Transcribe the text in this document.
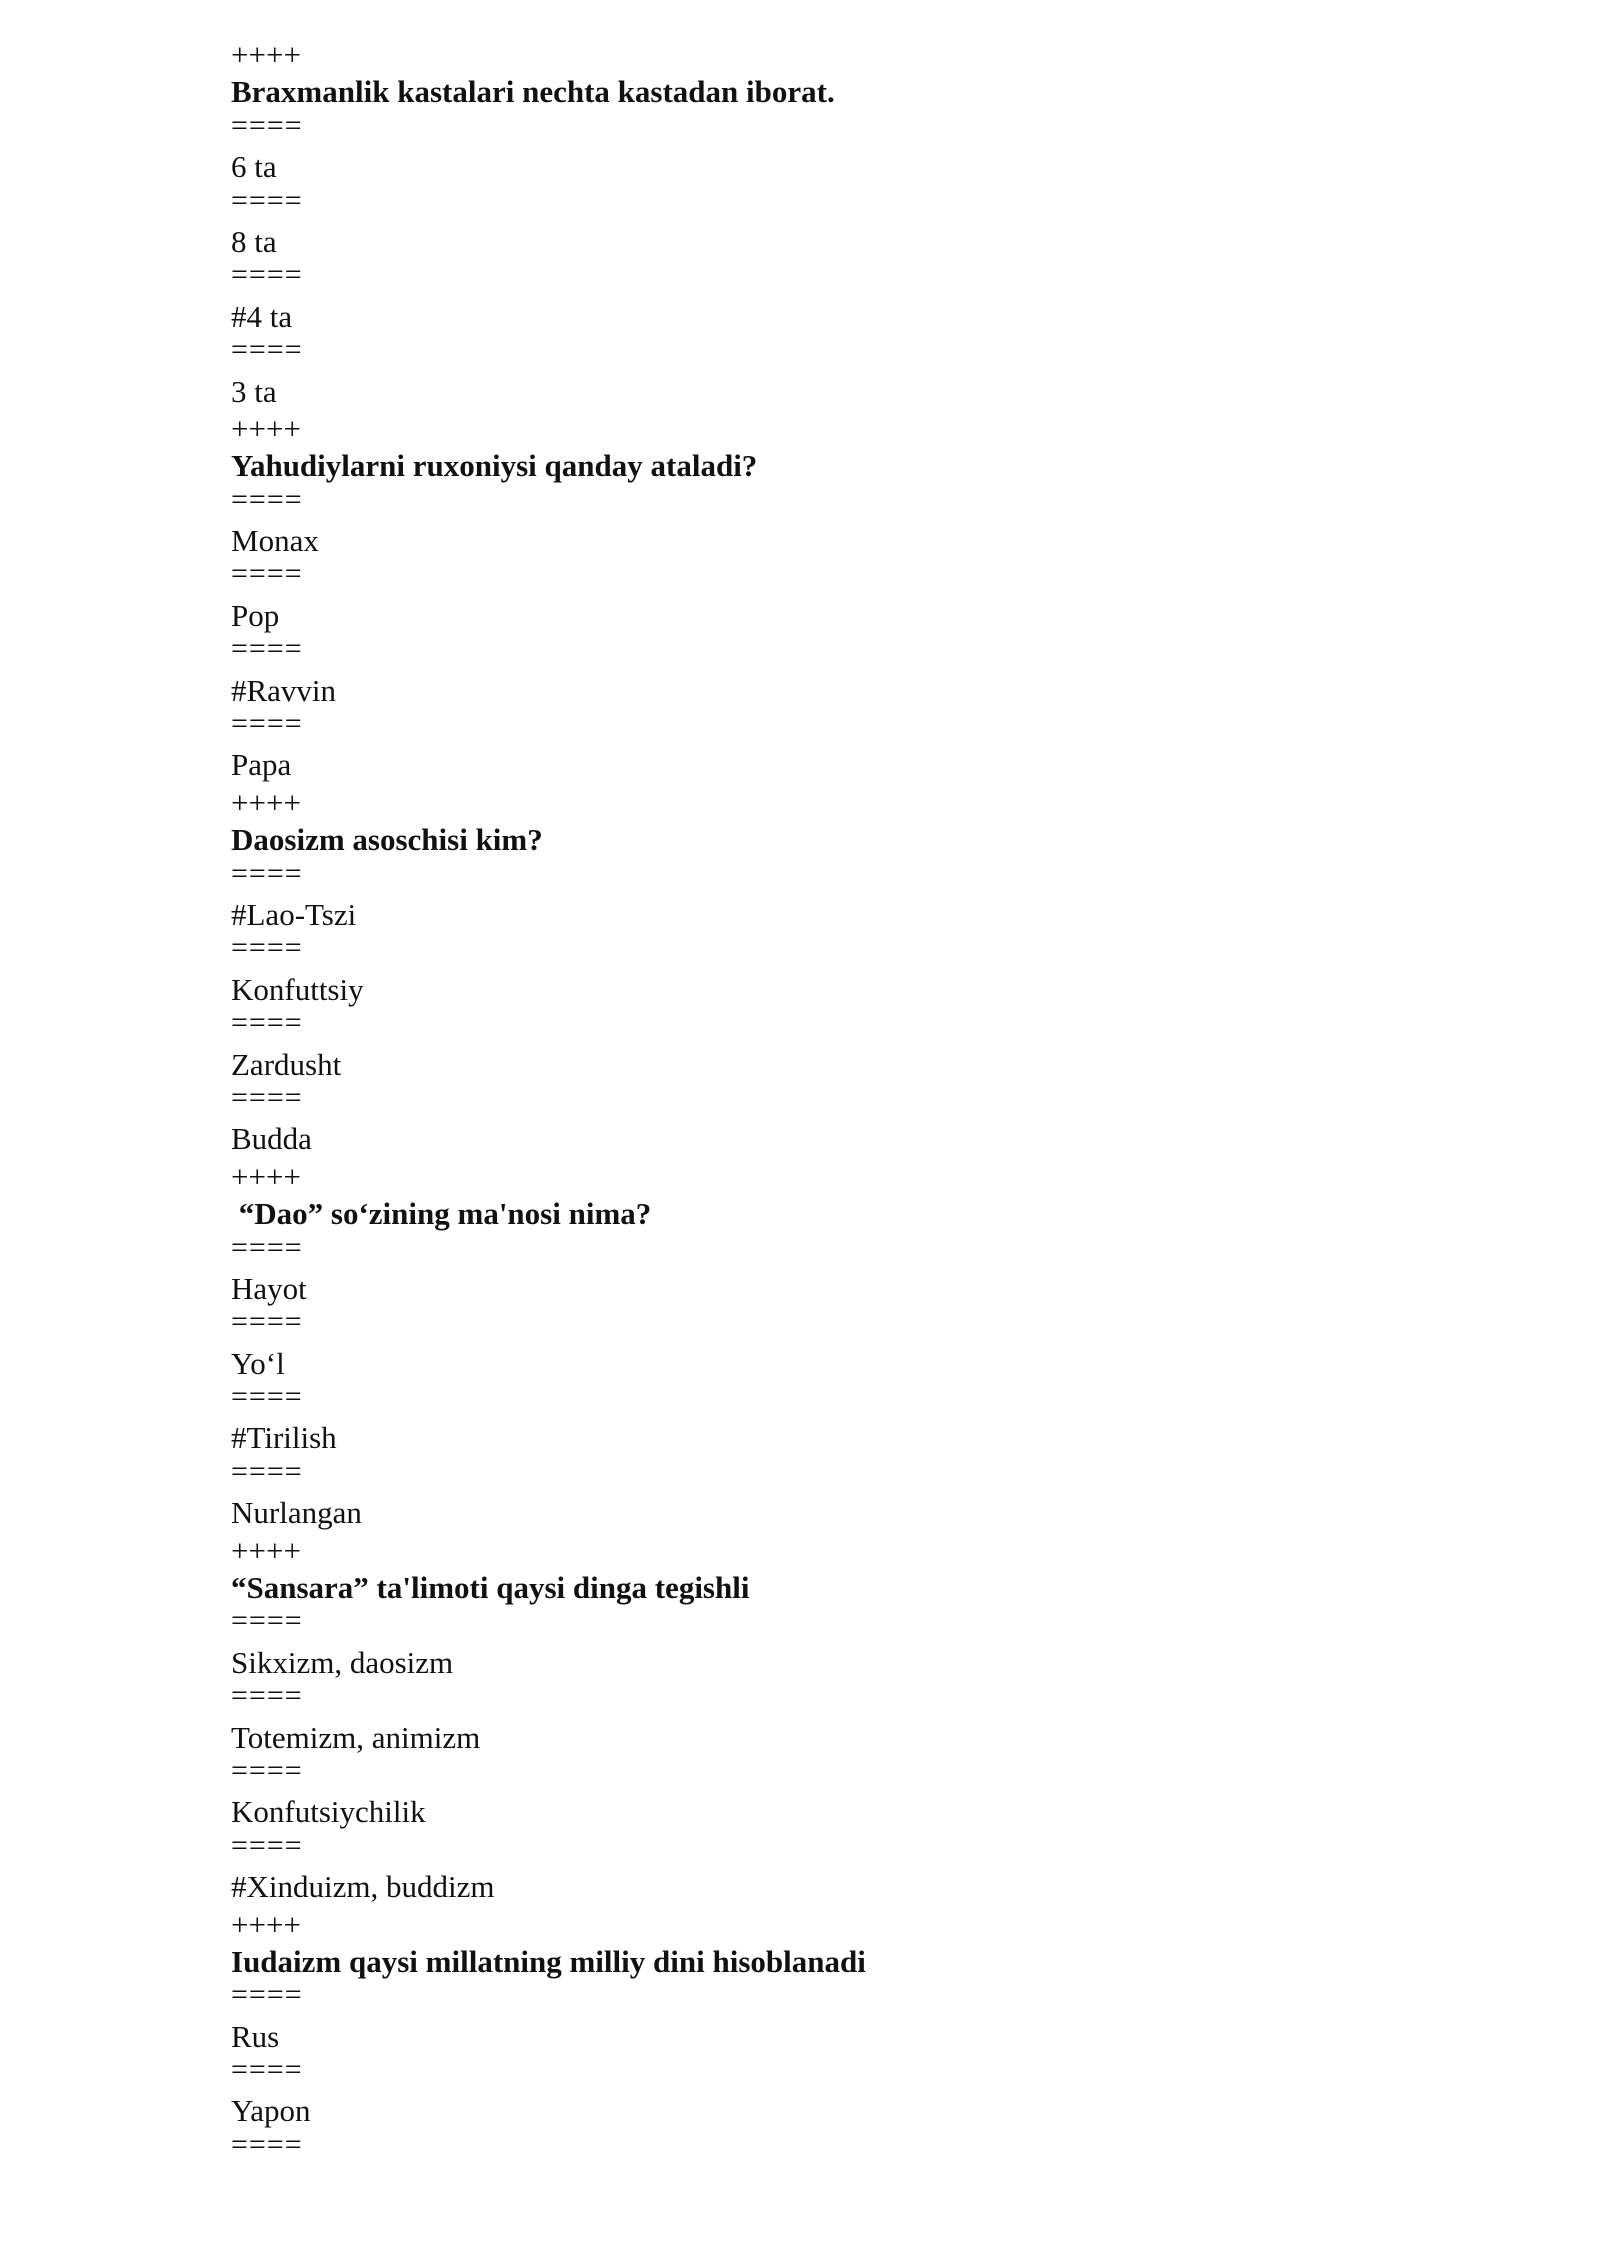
++++
Braxmanlik kastalari nechta kastadan iborat.
====
6 ta
====
8 ta
====
#4 ta
====
3 ta
++++
Yahudiylarni ruxoniysi qanday ataladi?
====
Monax
====
Pop
====
#Ravvin
====
Papa
++++
Daosizm asoschisi kim?
====
#Lao-Tszi
====
Konfuttsiy
====
Zardusht
====
Budda
++++
“Dao” so‘zining ma'nosi nima?
====
Hayot
====
Yo‘l
====
#Tirilish
====
Nurlangan
++++
“Sansara” ta'limoti qaysi dinga tegishli
====
Sikxizm, daosizm
====
Totemizm, animizm
====
Konfutsiychilik
====
#Xinduizm, buddizm
++++
Iudaizm qaysi millatning milliy dini hisoblanadi
====
Rus
====
Yapon
====
